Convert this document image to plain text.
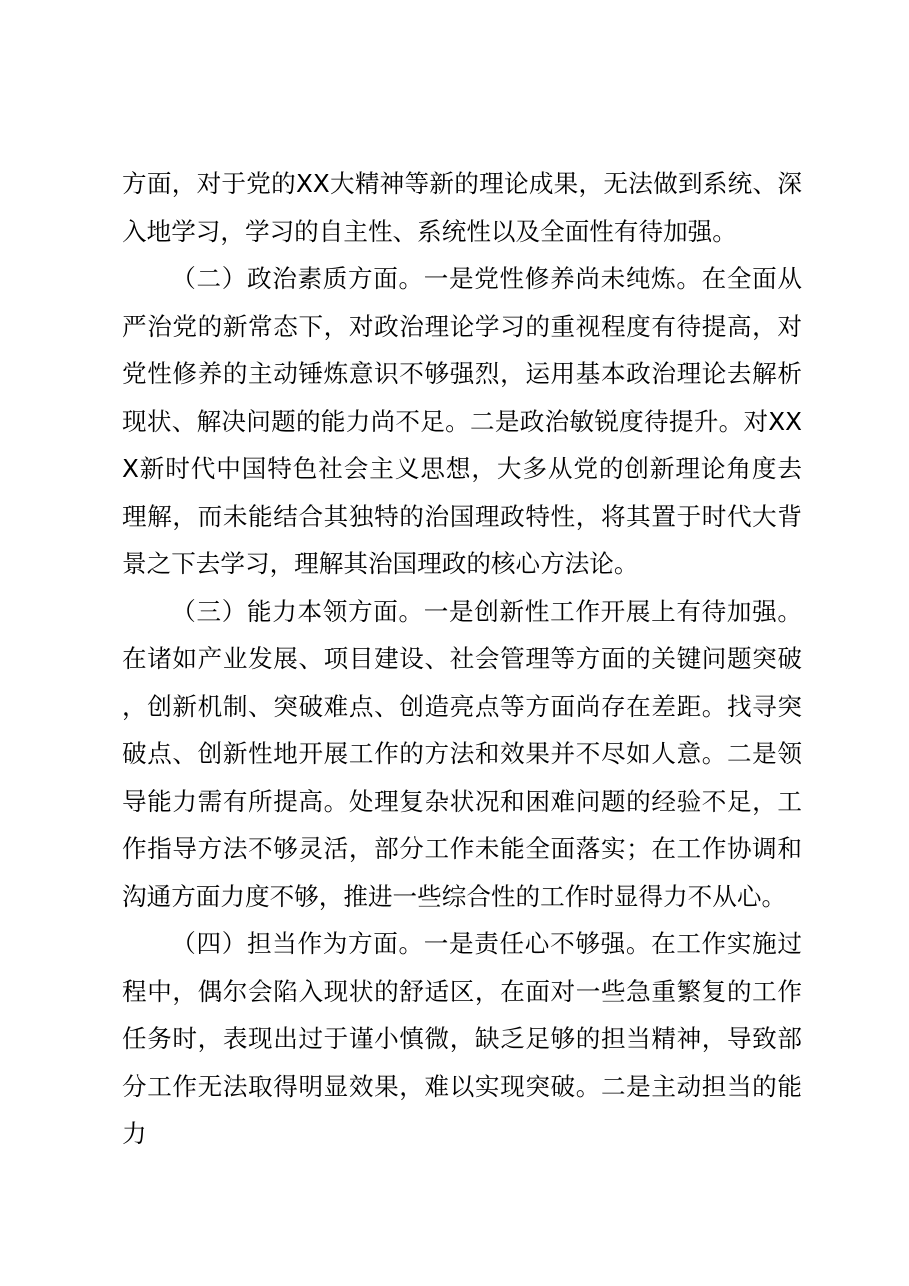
方面，对于党的XX大精神等新的理论成果，无法做到系统、深入地学习，学习的自主性、系统性以及全面性有待加强。

（二）政治素质方面。一是党性修养尚未纯炼。在全面从严治党的新常态下，对政治理论学习的重视程度有待提高，对党性修养的主动锤炼意识不够强烈，运用基本政治理论去解析现状、解决问题的能力尚不足。二是政治敏锐度待提升。对XXX新时代中国特色社会主义思想，大多从党的创新理论角度去理解，而未能结合其独特的治国理政特性，将其置于时代大背景之下去学习，理解其治国理政的核心方法论。

（三）能力本领方面。一是创新性工作开展上有待加强。在诸如产业发展、项目建设、社会管理等方面的关键问题突破，创新机制、突破难点、创造亮点等方面尚存在差距。找寻突破点、创新性地开展工作的方法和效果并不尽如人意。二是领导能力需有所提高。处理复杂状况和困难问题的经验不足，工作指导方法不够灵活，部分工作未能全面落实；在工作协调和沟通方面力度不够，推进一些综合性的工作时显得力不从心。

（四）担当作为方面。一是责任心不够强。在工作实施过程中，偶尔会陷入现状的舒适区，在面对一些急重繁复的工作任务时，表现出过于谨小慎微，缺乏足够的担当精神，导致部分工作无法取得明显效果，难以实现突破。二是主动担当的能力
